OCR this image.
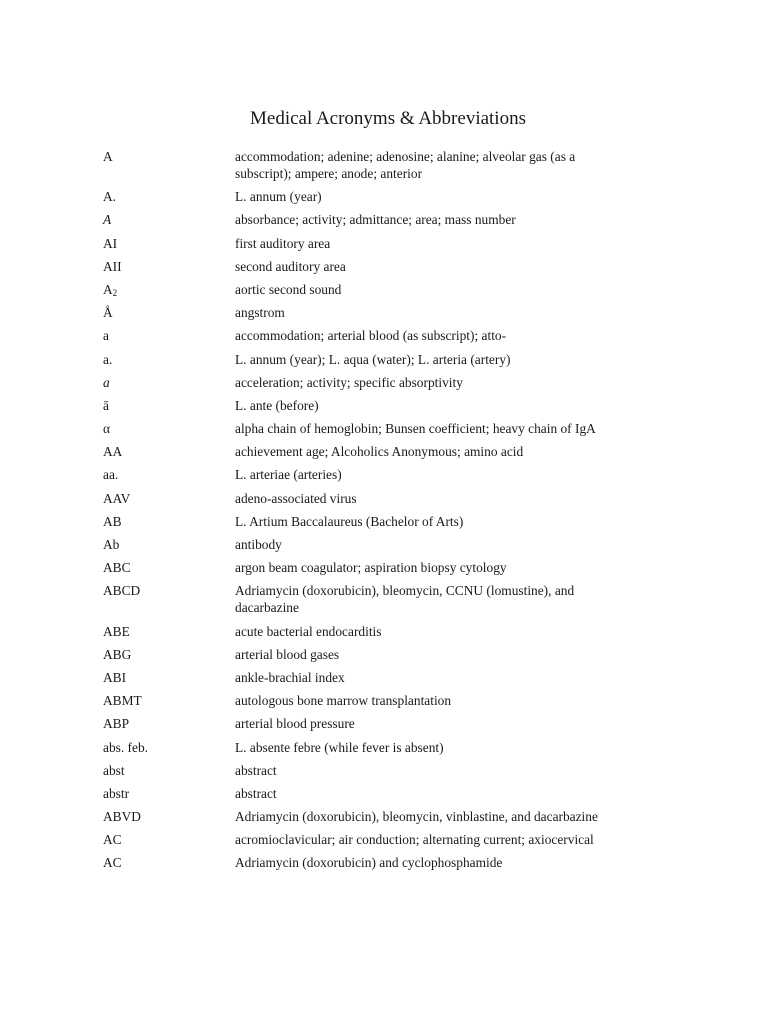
Medical Acronyms & Abbreviations
A	accommodation; adenine; adenosine; alanine; alveolar gas (as a subscript); ampere; anode; anterior
A.	L. annum (year)
A	absorbance; activity; admittance; area; mass number
AI	first auditory area
AII	second auditory area
$A_2$	aortic second sound
Å	angstrom
a	accommodation; arterial blood (as subscript); atto-
a.	L. annum (year); L. aqua (water); L. arteria (artery)
a	acceleration; activity; specific absorptivity
ā	L. ante (before)
α	alpha chain of hemoglobin; Bunsen coefficient; heavy chain of IgA
AA	achievement age; Alcoholics Anonymous; amino acid
aa.	L. arteriae (arteries)
AAV	adeno-associated virus
AB	L. Artium Baccalaureus (Bachelor of Arts)
Ab	antibody
ABC	argon beam coagulator; aspiration biopsy cytology
ABCD	Adriamycin (doxorubicin), bleomycin, CCNU (lomustine), and dacarbazine
ABE	acute bacterial endocarditis
ABG	arterial blood gases
ABI	ankle-brachial index
ABMT	autologous bone marrow transplantation
ABP	arterial blood pressure
abs. feb.	L. absente febre (while fever is absent)
abst	abstract
abstr	abstract
ABVD	Adriamycin (doxorubicin), bleomycin, vinblastine, and dacarbazine
AC	acromioclavicular; air conduction; alternating current; axiocervical
AC	Adriamycin (doxorubicin) and cyclophosphamide
